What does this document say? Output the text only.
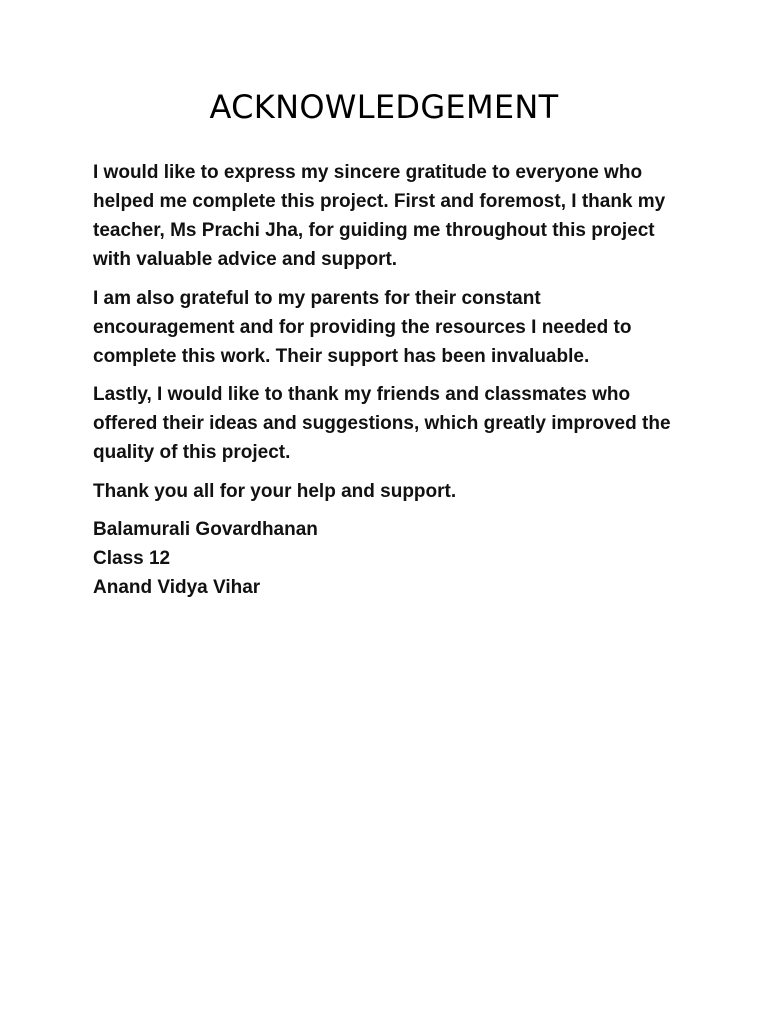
ACKNOWLEDGEMENT

I would like to express my sincere gratitude to everyone who helped me complete this project. First and foremost, I thank my teacher, Ms Prachi Jha, for guiding me throughout this project with valuable advice and support.

I am also grateful to my parents for their constant encouragement and for providing the resources I needed to complete this work. Their support has been invaluable.

Lastly, I would like to thank my friends and classmates who offered their ideas and suggestions, which greatly improved the quality of this project.

Thank you all for your help and support.

Balamurali Govardhanan
Class 12
Anand Vidya Vihar
